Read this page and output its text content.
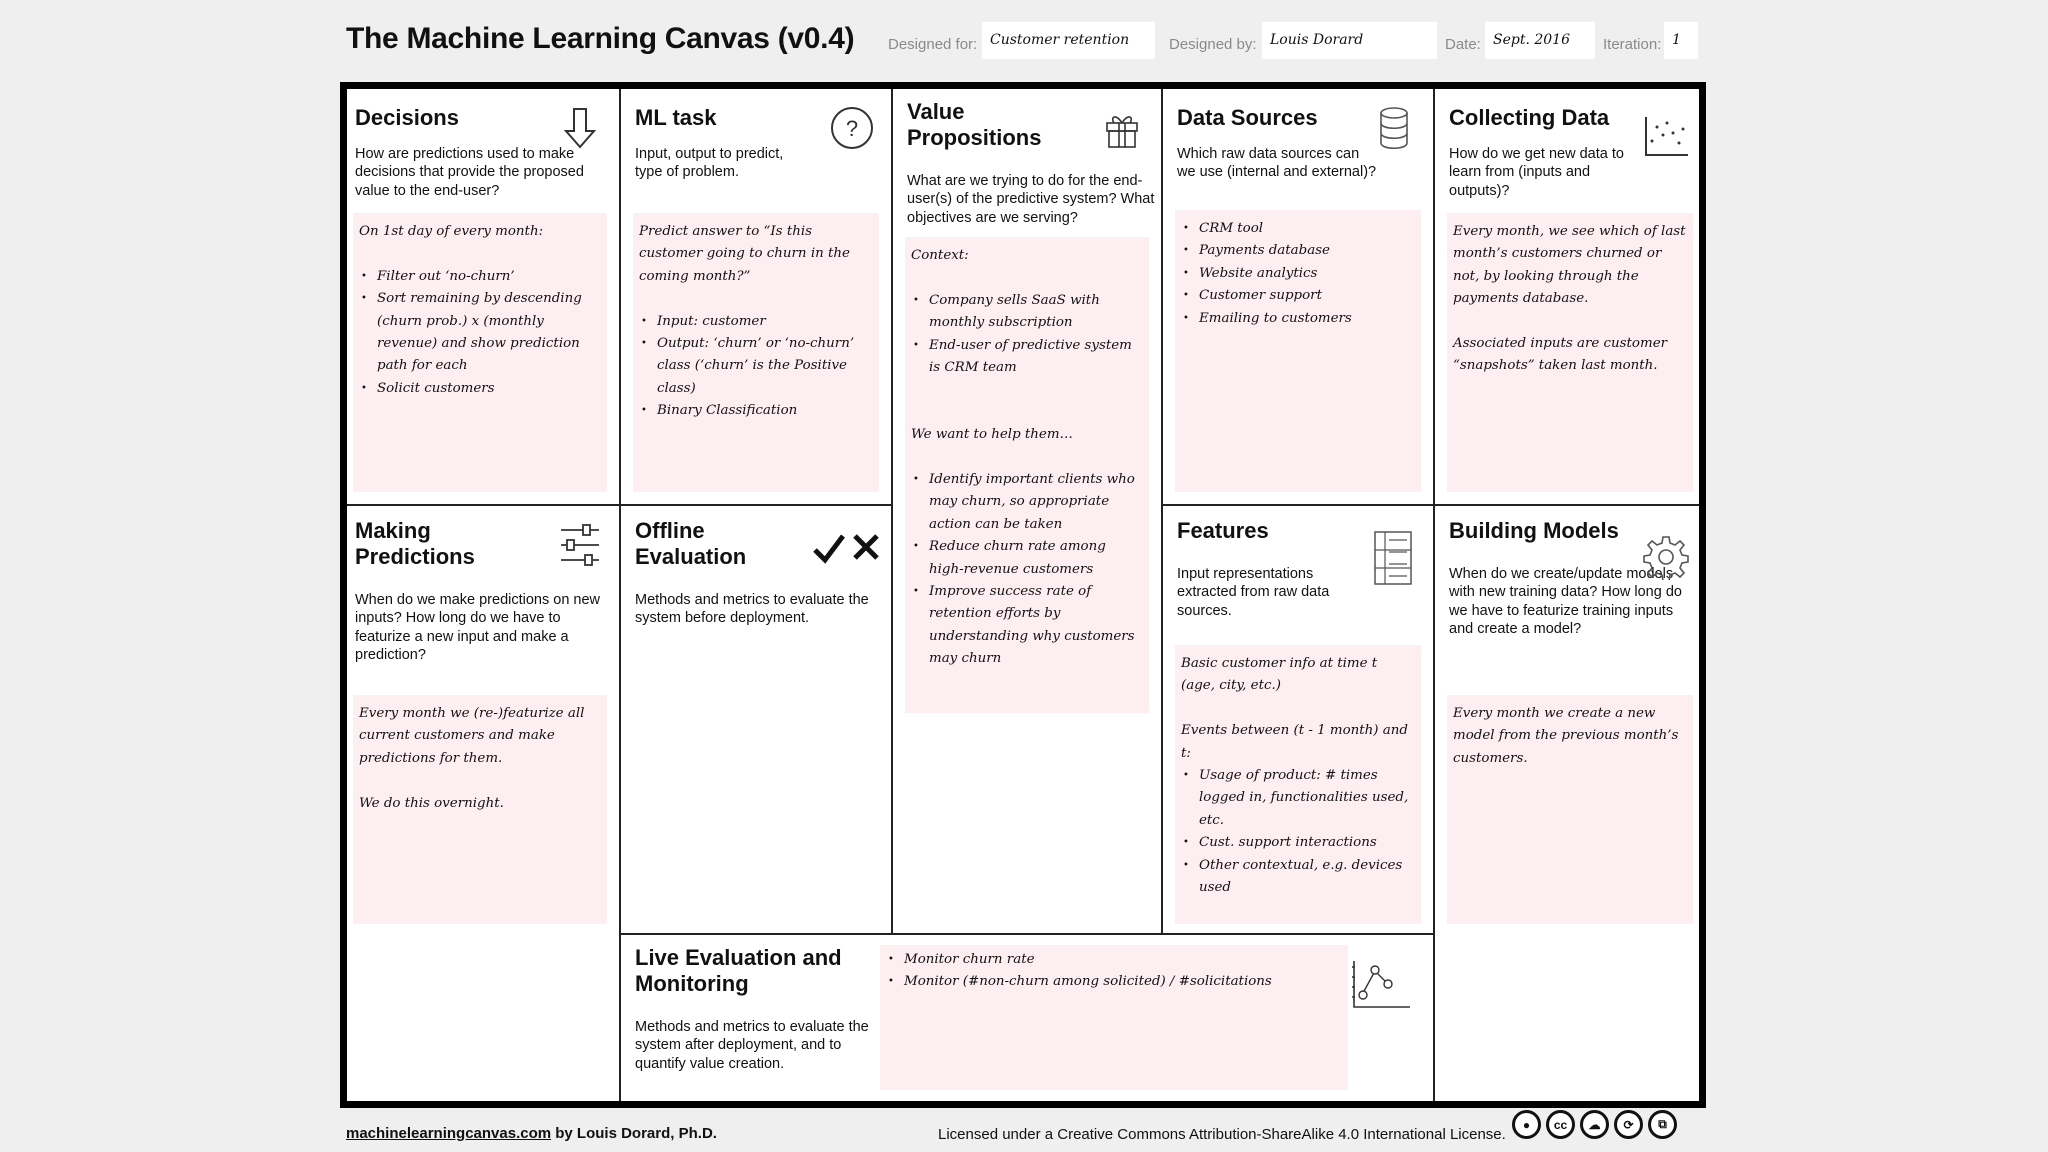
The Machine Learning Canvas (v0.4) Designed for: Customer retention	Designed by: Louis Dorard	Date: Sept. 2016	Iteration: 1
Decisions

How are predictions used to make decisions that provide the proposed value to the end-user?

On 1st day of every month:

• Filter out ‘no-churn’
• Sort remaining by descending (churn prob.) x (monthly revenue) and show prediction path for each
• Solicit customers
ML task

Input, output to predict, type of problem.

?

Predict answer to “Is this customer going to churn in the coming month?”

• Input: customer
• Output: ‘churn’ or ‘no-churn’ class (‘churn’ is the Positive class)
• Binary Classification
Value Propositions

What are we trying to do for the end-user(s) of the predictive system? What objectives are we serving?

Context:

• Company sells SaaS with monthly subscription
• End-user of predictive system is CRM team

We want to help them…

• Identify important clients who may churn, so appropriate action can be taken
• Reduce churn rate among high-revenue customers
• Improve success rate of retention efforts by understanding why customers may churn
Data Sources

Which raw data sources can we use (internal and external)?

• CRM tool
• Payments database
• Website analytics
• Customer support
• Emailing to customers
Collecting Data

How do we get new data to learn from (inputs and outputs)?

Every month, we see which of last month’s customers churned or not, by looking through the payments database.

Associated inputs are customer “snapshots” taken last month.

Making Predictions

When do we make predictions on new inputs? How long do we have to featurize a new input and make a prediction?

Every month we (re-)featurize all current customers and make predictions for them.

We do this overnight.

Offline Evaluation

Methods and metrics to evaluate the system before deployment.

Features

Input representations extracted from raw data sources.

Basic customer info at time t (age, city, etc.)

Events between (t - 1 month) and t:

• Usage of product: # times logged in, functionalities used, etc.
• Cust. support interactions
• Other contextual, e.g. devices used
Building Models

When do we create/update models with new training data? How long do we have to featurize training inputs and create a model?

Every month we create a new model from the previous month’s customers.

Live Evaluation and Monitoring

Methods and metrics to evaluate the system after deployment, and to quantify value creation.

• Monitor churn rate
• Monitor (#non-churn among solicited) / #solicitations
machinelearningcanvas.com by Louis Dorard, Ph.D.	Licensed under a Creative Commons Attribution-ShareAlike 4.0 International License.
●	cc	☁	⟳	⧉
